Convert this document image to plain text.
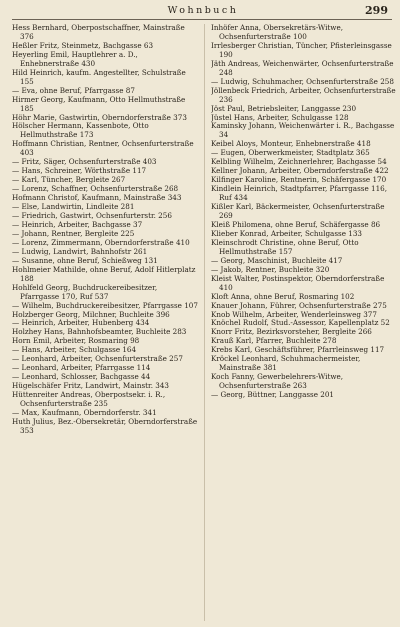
Wohnbuch	299
Hess Bernhard, Oberpostschaffner, Mainstraße 376
Heßler Fritz, Steinmetz, Bachgasse 63
Heyerling Emil, Hauptlehrer a. D., Enhebnerstraße 430
Hild Heinrich, kaufm. Angestellter, Schulstraße 155
— Eva, ohne Beruf, Pfarrgasse 87
Hirmer Georg, Kaufmann, Otto Hellmuthstraße 185
Höhr Marie, Gastwirtin, Oberndorferstraße 373
Hölscher Hermann, Kassenbote, Otto Hellmuthstraße 173
Hoffmann Christian, Rentner, Ochsenfurterstraße 403
— Fritz, Säger, Ochsenfurterstraße 403
— Hans, Schreiner, Wörthstraße 117
— Karl, Tüncher, Bergleite 267
— Lorenz, Schaffner, Ochsenfurterstraße 268
Hofmann Christof, Kaufmann, Mainstraße 343
— Else, Landwirtin, Lindleite 281
— Friedrich, Gastwirt, Ochsenfurterstr. 256
— Heinrich, Arbeiter, Bachgasse 37
— Johann, Rentner, Bergleite 225
— Lorenz, Zimmermann, Oberndorferstraße 410
— Ludwig, Landwirt, Bahnhofstr 261
— Susanne, ohne Beruf, Schießweg 131
Hohlmeier Mathilde, ohne Beruf, Adolf Hitlerplatz 188
Hohlfeld Georg, Buchdruckereibesitzer, Pfarrgasse 170, Ruf 537
— Wilhelm, Buchdruckereibesitzer, Pfarrgasse 107
Holzberger Georg, Milchner, Buchleite 396
— Heinrich, Arbeiter, Hubenberg 434
Holzhey Hans, Bahnhofsbeamter, Buchleite 283
Horn Emil, Arbeiter, Rosmaring 98
— Hans, Arbeiter, Schulgasse 164
— Leonhard, Arbeiter, Ochsenfurterstraße 257
— Leonhard, Arbeiter, Pfarrgasse 114
— Leonhard, Schlosser, Bachgasse 44
Hügelschäfer Fritz, Landwirt, Mainstr. 343
Hüttenreiter Andreas, Oberpostsekr. i. R., Ochsenfurterstraße 235
— Max, Kaufmann, Oberndorferstr. 341
Huth Julius, Bez.-Obersekretär, Oberndorferstraße 353
Inhöfer Anna, Obersekretärs-Witwe, Ochsenfurterstraße 100
Irrlesberger Christian, Tüncher, Pfisterleinsgasse 190
Jäth Andreas, Weichenwärter, Ochsenfurterstraße 248
— Ludwig, Schuhmacher, Ochsenfurterstraße 258
Jöllenbeck Friedrich, Arbeiter, Ochsenfurterstraße 236
Jöst Paul, Betriebsleiter, Langgasse 230
Jüstel Hans, Arbeiter, Schulgasse 128
Kaminsky Johann, Weichenwärter i. R., Bachgasse 34
Keibel Aloys, Monteur, Enhebnerstraße 418
— Eugen, Oberwerkmeister, Stadtplatz 365
Kelbling Wilhelm, Zeichnerlehrer, Bachgasse 54
Kellner Johann, Arbeiter, Oberndorferstraße 422
Kilfinger Karoline, Rentnerin, Schäfergasse 170
Kindlein Heinrich, Stadtpfarrer, Pfarrgasse 116, Ruf 434
Kißler Karl, Bäckermeister, Ochsenfurterstraße 269
Kleiß Philomena, ohne Beruf, Schäfergasse 86
Klieber Konrad, Arbeiter, Schulgasse 133
Kleinschrodt Christine, ohne Beruf, Otto Hellmuthstraße 157
— Georg, Maschinist, Buchleite 417
— Jakob, Rentner, Buchleite 320
Kleist Walter, Postinspektor, Oberndorferstraße 410
Kloft Anna, ohne Beruf, Rosmaring 102
Knauer Johann, Führer, Ochsenfurterstraße 275
Knob Wilhelm, Arbeiter, Wenderleinsweg 377
Knöchel Rudolf, Stud.-Assessor, Kapellenplatz 52
Knorr Fritz, Bezirksvorsteher, Bergleite 266
Krauß Karl, Pfarrer, Buchleite 278
Krebs Karl, Geschäftsführer, Pfarrleinsweg 117
Kröckel Leonhard, Schuhmachermeister, Mainstraße 381
Koch Fanny, Gewerbelehrers-Witwe, Ochsenfurterstraße 263
— Georg, Büttner, Langgasse 201
